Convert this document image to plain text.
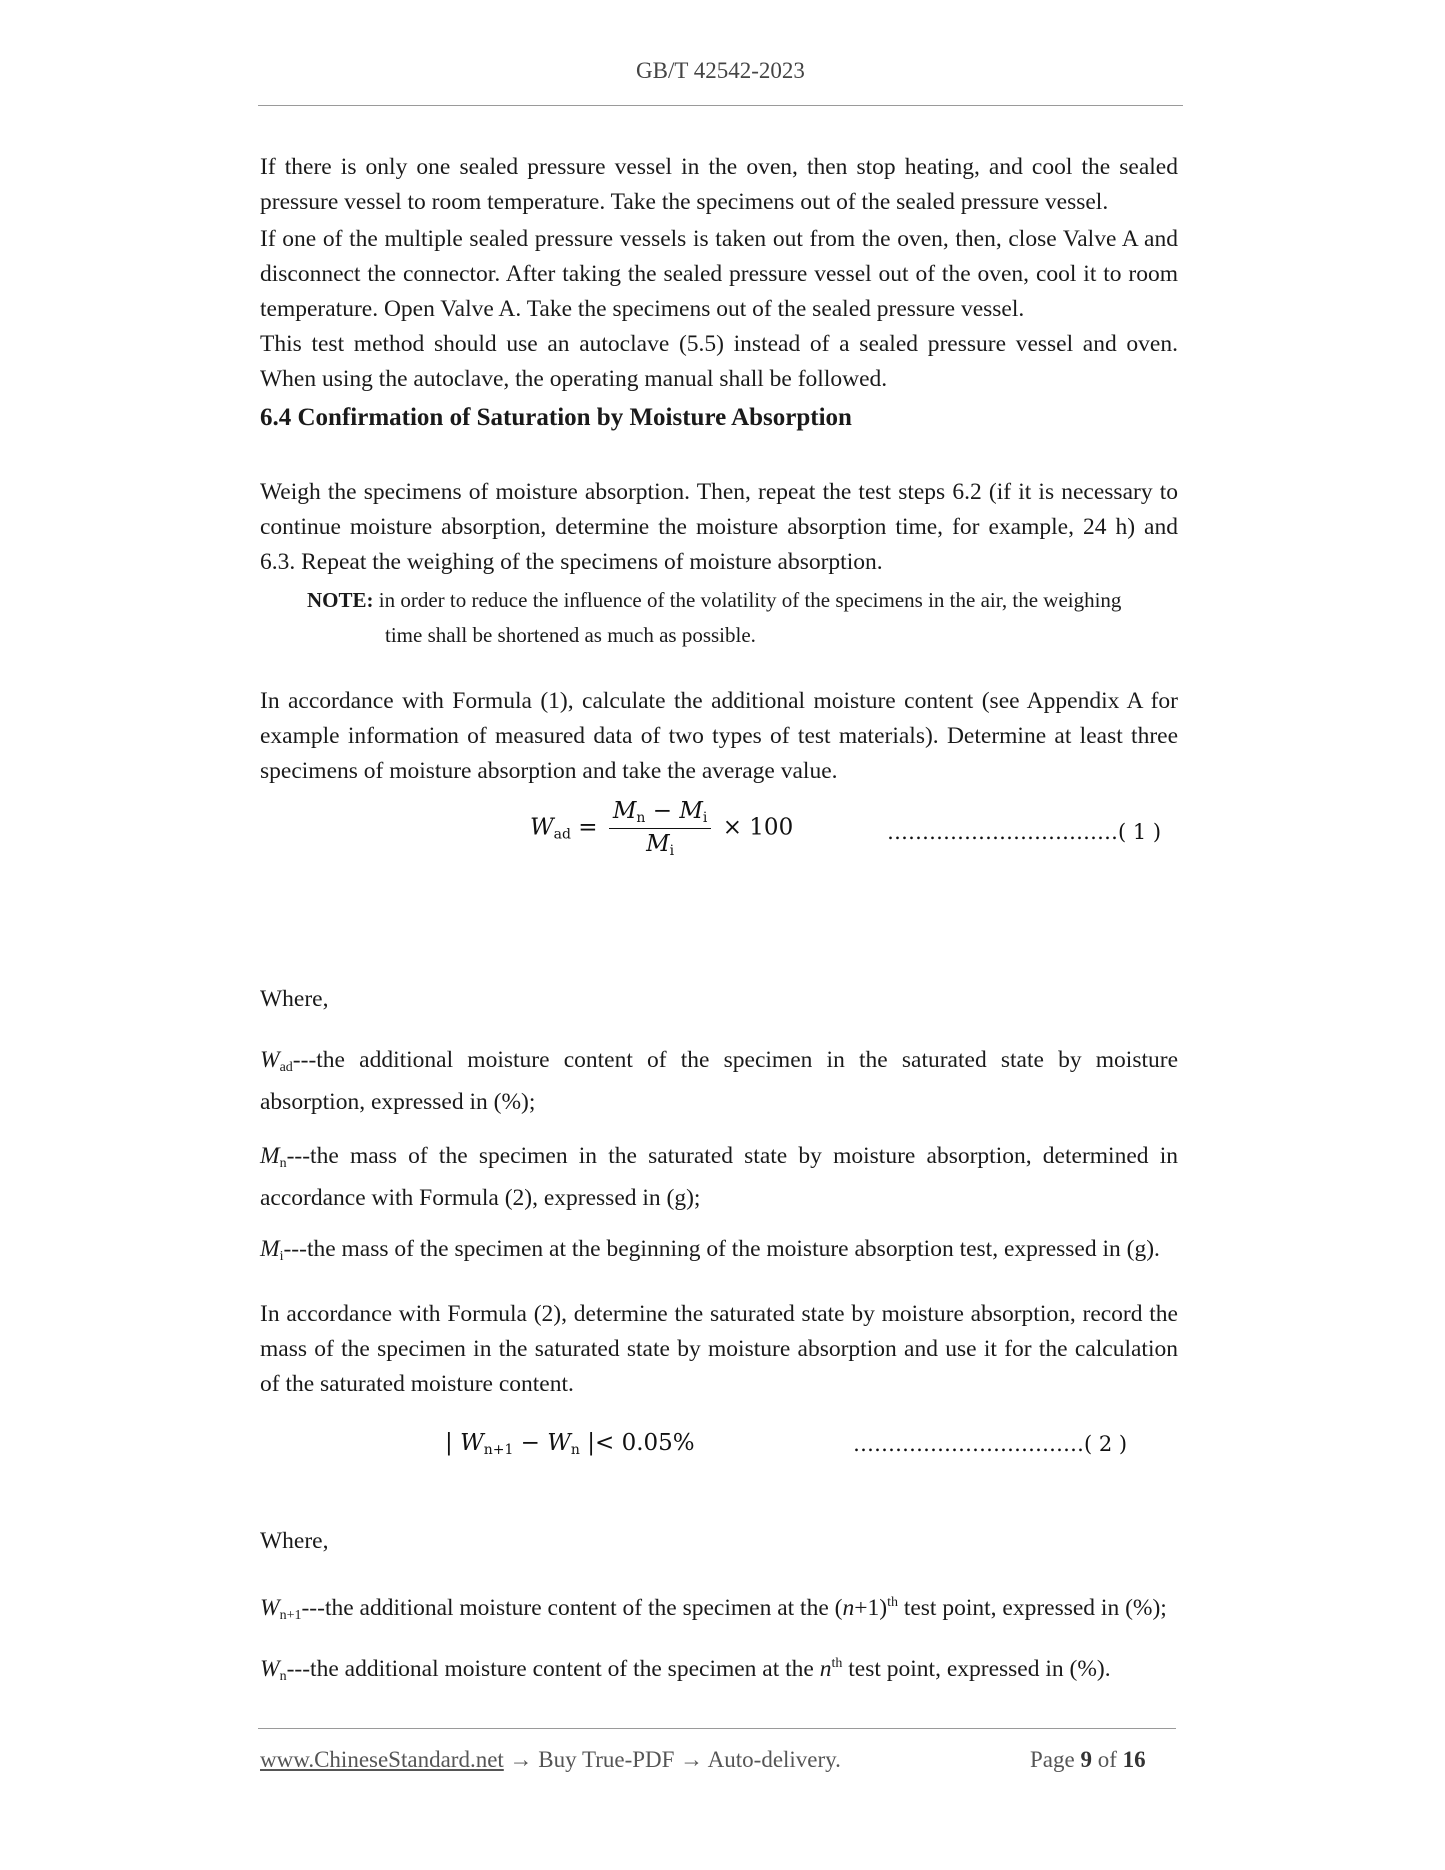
GB/T 42542-2023

If there is only one sealed pressure vessel in the oven, then stop heating, and cool the sealed pressure vessel to room temperature. Take the specimens out of the sealed pressure vessel.

If one of the multiple sealed pressure vessels is taken out from the oven, then, close Valve A and disconnect the connector. After taking the sealed pressure vessel out of the oven, cool it to room temperature. Open Valve A. Take the specimens out of the sealed pressure vessel.

This test method should use an autoclave (5.5) instead of a sealed pressure vessel and oven. When using the autoclave, the operating manual shall be followed.

6.4 Confirmation of Saturation by Moisture Absorption

Weigh the specimens of moisture absorption. Then, repeat the test steps 6.2 (if it is necessary to continue moisture absorption, determine the moisture absorption time, for example, 24 h) and 6.3. Repeat the weighing of the specimens of moisture absorption.

NOTE: in order to reduce the influence of the volatility of the specimens in the air, the weighing
time shall be shortened as much as possible.

In accordance with Formula (1), calculate the additional moisture content (see Appendix A for example information of measured data of two types of test materials). Determine at least three specimens of moisture absorption and take the average value.

$W_{ad} = \frac{M_n - M_i}{M_i} \times 100$	……………………………( 1 )

Where,

$W_{ad}--$-the additional moisture content of the specimen in the saturated state by moisture absorption, expressed in (%);

$M_n--$-the mass of the specimen in the saturated state by moisture absorption, determined in accordance with Formula (2), expressed in (g);

$M_i--$-the mass of the specimen at the beginning of the moisture absorption test, expressed in (g).

In accordance with Formula (2), determine the saturated state by moisture absorption, record the mass of the specimen in the saturated state by moisture absorption and use it for the calculation of the saturated moisture content.

| $W_{n+1} - W_n$ |< 0.05%	……………………………( 2 )

Where,

$W_{n+1}--$-the additional moisture content of the specimen at the $(n+1)^{th}$ test point, expressed in (%);

$W_n--$-the additional moisture content of the specimen at the $n^{th}$ test point, expressed in (%).

www.ChineseStandard.net → Buy True-PDF → Auto-delivery.	Page 9 of 16
